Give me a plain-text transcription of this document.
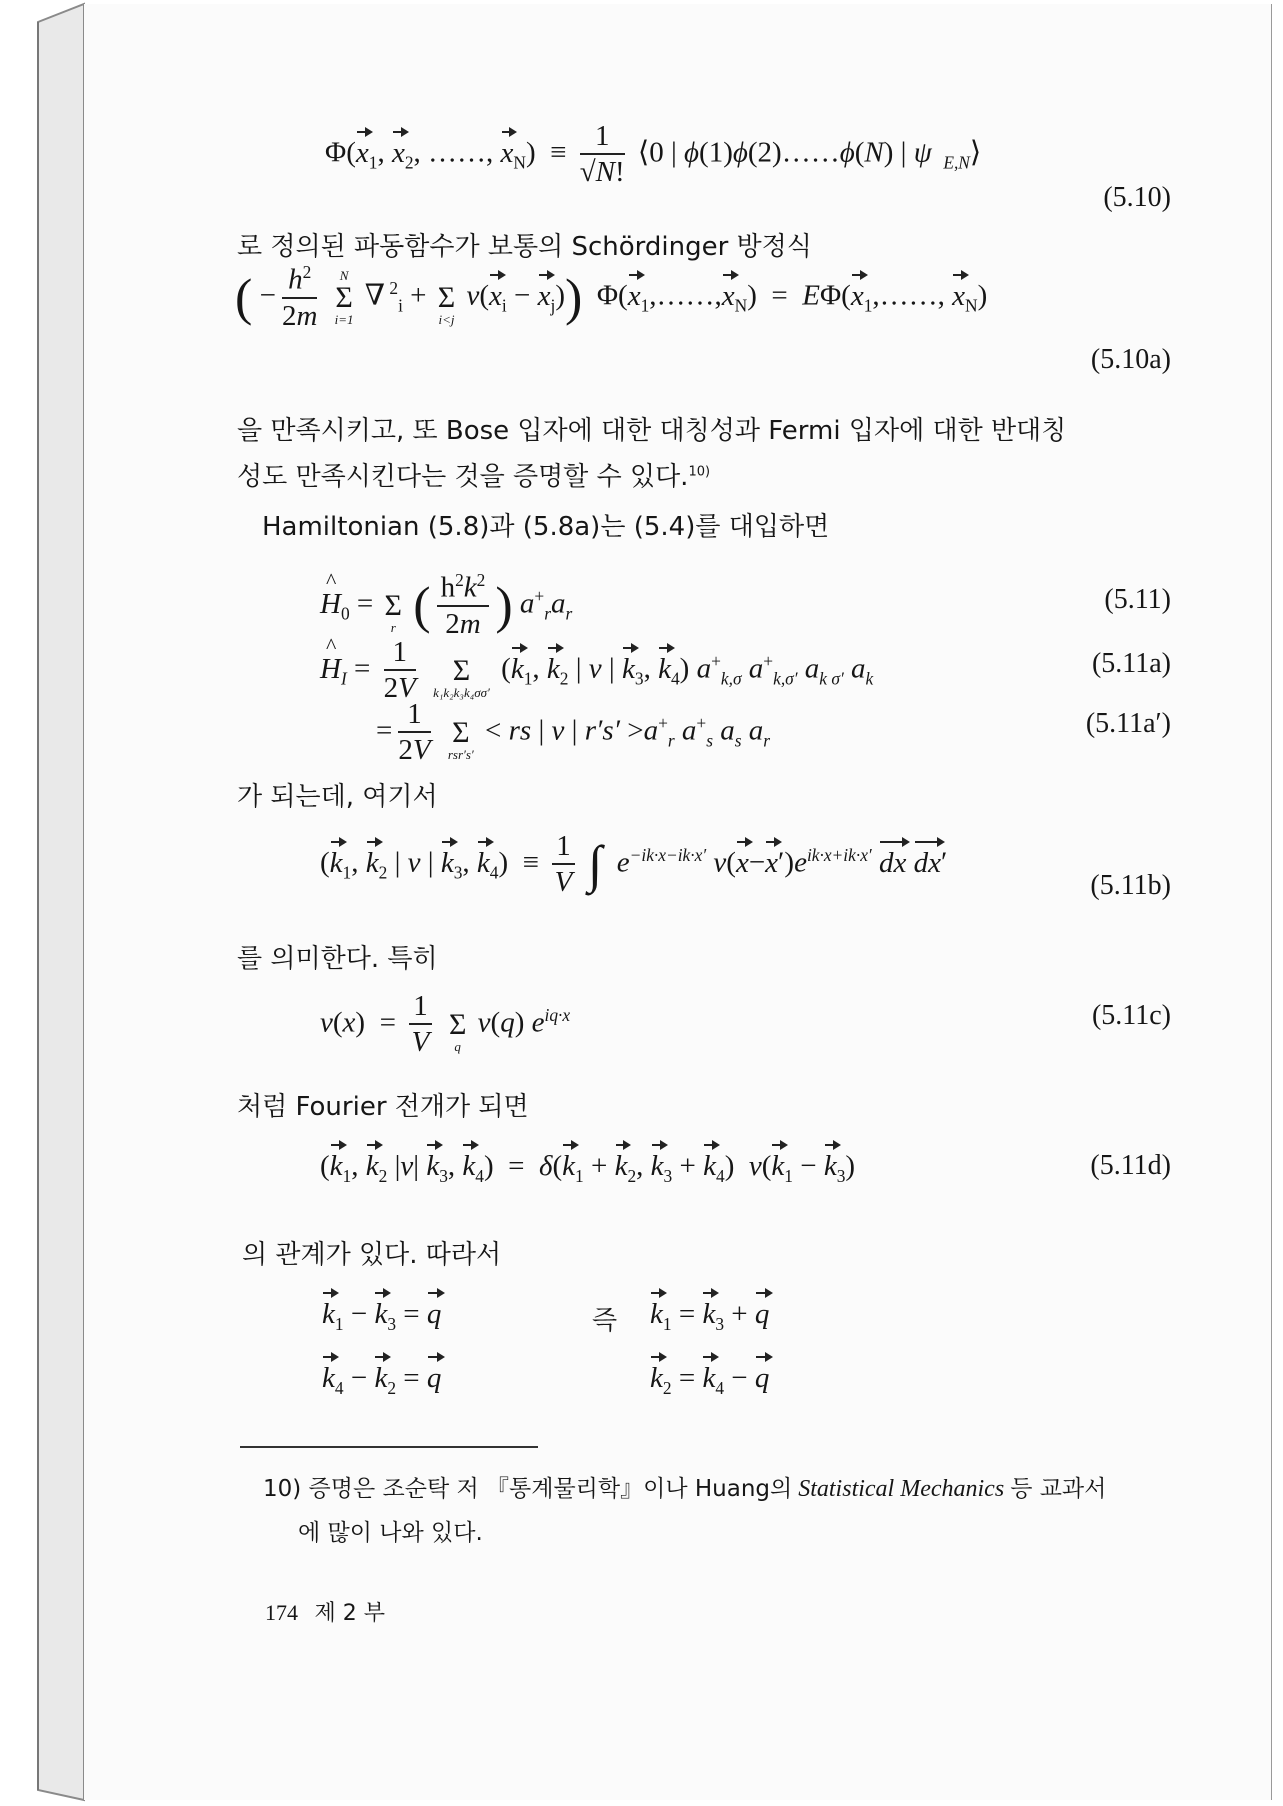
$\Phi(x_1$, $x_2$, ……, $x_N) \equiv \frac{1}{√N!}$ ⟨0 | ϕ(1)ϕ(2)……ϕ(N) | ψ  $_{E,N}$⟩
(5.10)
로 정의된 파동함수가 보통의 Schördinger 방정식
( − $\frac{h^2}{2m}$
	N
Σ
i=1
∇ $^2_i$ +

Σ
i<j
$v(x_i - x_j)$)  $\Phi(x_1,\dots\dots,x_N)$  =  $E\Phi(x_1,\dots\dots$, $x_N$)
(5.10a)
을 만족시키고, 또 Bose 입자에 대한 대칭성과 Fermi 입자에 대한 반대칭
성도 만족시킨다는 것을 증명할 수 있다.$^{10)}$
Hamiltonian (5.8)과 (5.8a)는 (5.4)를 대입하면
^ $H_0$ =

Σ
r ( $\frac{h^2k^2}{2m}$ ) $a^+_ra_r$	(5.11)
^ $H_I = \frac{1}{2V}$

Σ
k₁k₂k₃k₄σσ′
($k_1$, $k_2$ | v | $k_3$, $k_4$) $a^+_{k,\sigma}$ $a^+_{k,\sigma'}$ $a_{k \sigma'}$ $a_k$	(5.11a)
= $\frac{1}{2V}$

Σ
rsr′s′
< rs | v | $r's' >a^+_r$ $a^+_s$ $a_s$ $a_r$
(5.11a′)
가 되는데, 여기서
($k_1$, $k_2$ | v | $k_3$, $k_4) \equiv \frac{1}{V}$ ∫ $e^{-ik\cdot x-ik\cdot x'}$ $v(x-x')e^{ik\cdot x+ik\cdot x'}$ dx dx′
(5.11b)
를 의미한다. 특히
$v(x) = \frac{1}{V}$

Σ
q
v(q) $e^{iq\cdot x}$	(5.11c)
처럼 Fourier 전개가 되면
($k_1$, $k_2$ |v| $k_3$, $k_4) = \delta(k_1 + k_2$, $k_3 + k_4$)  $v(k_1 - k_3)$	(5.11d)
의 관계가 있다. 따라서
$k_1 - k_3 = q$	즉 $k_1 = k_3 + q$
$k_4 - k_2 = q$	$k_2 = k_4 - q$
10) 증명은 조순탁 저 『통계물리학』이나 Huang의 Statistical Mechanics 등 교과서
에 많이 나와 있다.
174 제 2 부
